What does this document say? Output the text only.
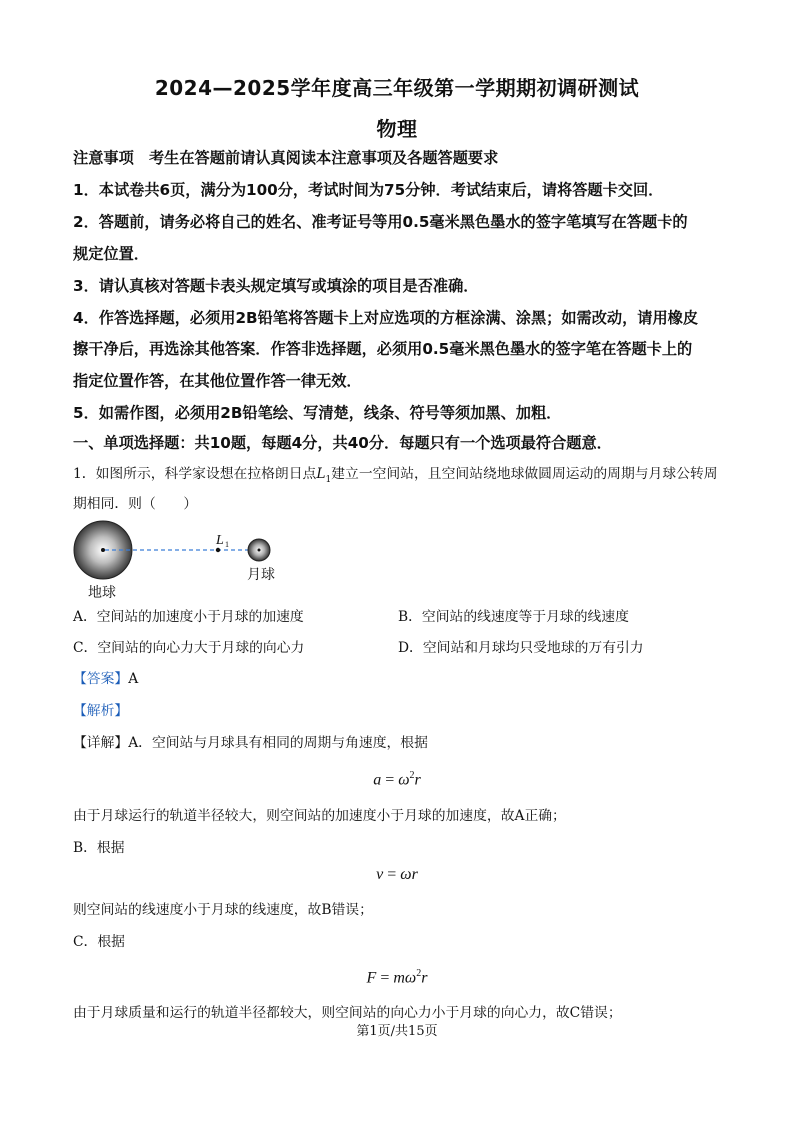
2024—2025学年度高三年级第一学期期初调研测试
物理
注意事项　考生在答题前请认真阅读本注意事项及各题答题要求
1．本试卷共6页，满分为100分，考试时间为75分钟．考试结束后，请将答题卡交回．
2．答题前，请务必将自己的姓名、准考证号等用0.5毫米黑色墨水的签字笔填写在答题卡的
规定位置．
3．请认真核对答题卡表头规定填写或填涂的项目是否准确．
4．作答选择题，必须用2B铅笔将答题卡上对应选项的方框涂满、涂黑；如需改动，请用橡皮
擦干净后，再选涂其他答案．作答非选择题，必须用0.5毫米黑色墨水的签字笔在答题卡上的
指定位置作答，在其他位置作答一律无效．
5．如需作图，必须用2B铅笔绘、写清楚，线条、符号等须加黑、加粗．
一、单项选择题：共10题，每题4分，共40分．每题只有一个选项最符合题意．
1．如图所示，科学家设想在拉格朗日点$L_1$建立一空间站，且空间站绕地球做圆周运动的周期与月球公转周
期相同．则（　　）
L 1
月球
地球
A．空间站的加速度小于月球的加速度	B．空间站的线速度等于月球的线速度
C．空间站的向心力大于月球的向心力	D．空间站和月球均只受地球的万有引力
【答案】A
【解析】
【详解】A．空间站与月球具有相同的周期与角速度，根据
$a = \omega^2r$
由于月球运行的轨道半径较大，则空间站的加速度小于月球的加速度，故A正确；
B．根据
v = ωr
则空间站的线速度小于月球的线速度，故B错误；
C．根据
$F = m\omega^2r$
由于月球质量和运行的轨道半径都较大，则空间站的向心力小于月球的向心力，故C错误；
第1页/共15页
